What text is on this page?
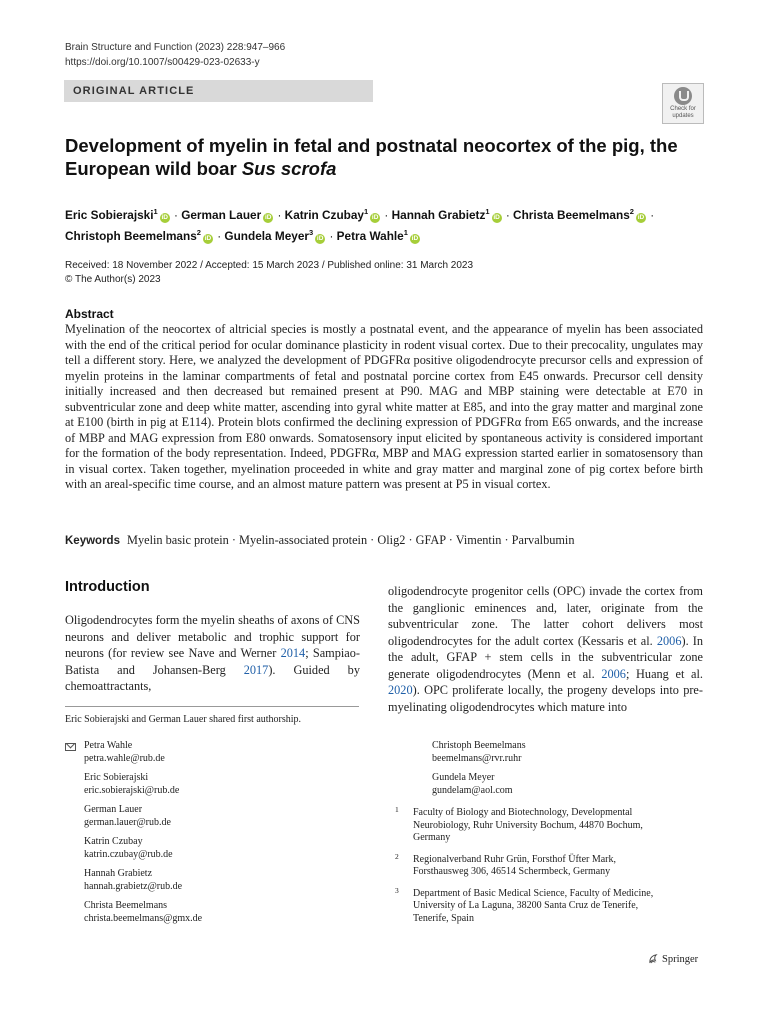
Brain Structure and Function (2023) 228:947–966
https://doi.org/10.1007/s00429-023-02633-y
ORIGINAL ARTICLE
Check for
updates
Development of myelin in fetal and postnatal neocortex of the pig, the European wild boar Sus scrofa
Eric Sobierajski$^1$iD · German Lauer iD · Katrin Czubay$^1$iD · Hannah Grabietz$^1$iD · Christa Beemelmans$^2$iD ·
Christoph Beemelmans$^2$iD · Gundela Meyer$^3$iD · Petra Wahle$^1$iD
Received: 18 November 2022 / Accepted: 15 March 2023 / Published online: 31 March 2023
© The Author(s) 2023
Abstract
Myelination of the neocortex of altricial species is mostly a postnatal event, and the appearance of myelin has been associated with the end of the critical period for ocular dominance plasticity in rodent visual cortex. Due to their precocality, ungulates may tell a different story. Here, we analyzed the development of PDGFRα positive oligodendrocyte precursor cells and expression of myelin proteins in the laminar compartments of fetal and postnatal porcine cortex from E45 onwards. Precursor cell density initially increased and then decreased but remained present at P90. MAG and MBP staining were detectable at E70 in subventricular zone and deep white matter, ascending into gyral white matter at E85, and into the gray matter and marginal zone at E100 (birth in pig at E114). Protein blots confirmed the declining expression of PDGFRα from E65 onwards, and the increase of MBP and MAG expression from E80 onwards. Somatosensory input elicited by spontaneous activity is considered important for the formation of the body representation. Indeed, PDGFRα, MBP and MAG expression started earlier in somatosensory than in visual cortex. Taken together, myelination proceeded in white and gray matter and marginal zone of pig cortex before birth with an areal-specific time course, and an almost mature pattern was present at P5 in visual cortex.
Keywords Myelin basic protein · Myelin-associated protein · Olig2 · GFAP · Vimentin · Parvalbumin
Introduction
Oligodendrocytes form the myelin sheaths of axons of CNS neurons and deliver metabolic and trophic support for neurons (for review see Nave and Werner 2014; Sampiao-Batista and Johansen-Berg 2017). Guided by chemoattractants,
oligodendrocyte progenitor cells (OPC) invade the cortex from the ganglionic eminences and, later, originate from the subventricular zone. The latter cohort delivers most oligodendrocytes for the adult cortex (Kessaris et al. 2006). In the adult, GFAP + stem cells in the subventricular zone generate oligodendrocytes (Menn et al. 2006; Huang et al. 2020). OPC proliferate locally, the progeny develops into pre-myelinating oligodendrocytes which mature into
Eric Sobierajski and German Lauer shared first authorship.
Petra Wahle
petra.wahle@rub.de
Eric Sobierajski
eric.sobierajski@rub.de
German Lauer
german.lauer@rub.de
Katrin Czubay
katrin.czubay@rub.de
Hannah Grabietz
hannah.grabietz@rub.de
Christa Beemelmans
christa.beemelmans@gmx.de
Christoph Beemelmans
beemelmans@rvr.ruhr
Gundela Meyer
gundelam@aol.com
1 Faculty of Biology and Biotechnology, Developmental
Neurobiology, Ruhr University Bochum, 44870 Bochum,
Germany
2 Regionalverband Ruhr Grün, Forsthof Üfter Mark,
Forsthausweg 306, 46514 Schermbeck, Germany
3 Department of Basic Medical Science, Faculty of Medicine,
University of La Laguna, 38200 Santa Cruz de Tenerife,
Tenerife, Spain
Springer
